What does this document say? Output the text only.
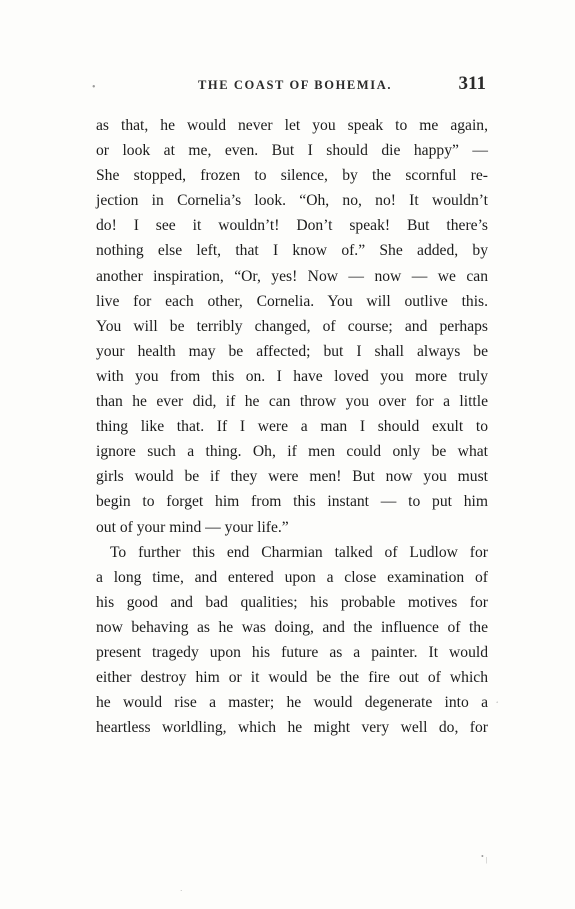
•	THE COAST OF BOHEMIA.	311
as that, he would never let you speak to me again,
or look at me, even. But I should die happy” —
She stopped, frozen to silence, by the scornful re-
jection in Cornelia’s look. “Oh, no, no! It wouldn’t
do! I see it wouldn’t! Don’t speak! But there’s
nothing else left, that I know of.” She added, by
another inspiration, “Or, yes! Now — now — we can
live for each other, Cornelia. You will outlive this.
You will be terribly changed, of course; and perhaps
your health may be affected; but I shall always be
with you from this on. I have loved you more truly
than he ever did, if he can throw you over for a little
thing like that. If I were a man I should exult to
ignore such a thing. Oh, if men could only be what
girls would be if they were men! But now you must
begin to forget him from this instant — to put him
out of your mind — your life.”
To further this end Charmian talked of Ludlow for
a long time, and entered upon a close examination of
his good and bad qualities; his probable motives for
now behaving as he was doing, and the influence of the
present tragedy upon his future as a painter. It would
either destroy him or it would be the fire out of which
he would rise a master; he would degenerate into a
heartless worldling, which he might very well do, for
‘
• |
·
